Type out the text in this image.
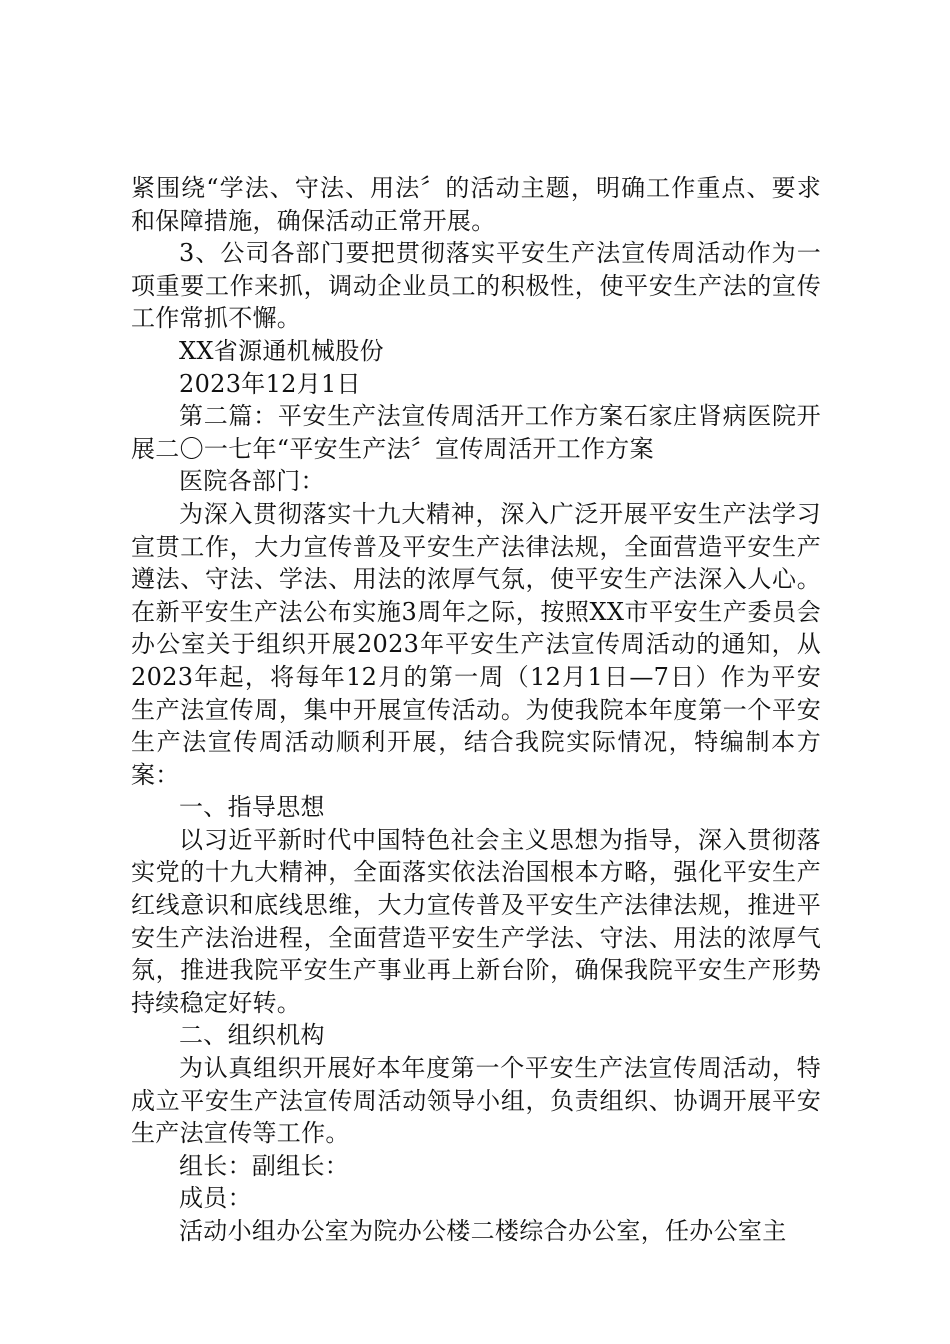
紧围绕“学法、守法、用法〞的活动主题，明确工作重点、要求和保障措施，确保活动正常开展。

3、公司各部门要把贯彻落实平安生产法宣传周活动作为一项重要工作来抓，调动企业员工的积极性，使平安生产法的宣传工作常抓不懈。

XX省源通机械股份

2023年12月1日

第二篇：平安生产法宣传周活开工作方案石家庄肾病医院开展二〇一七年“平安生产法〞宣传周活开工作方案

医院各部门：

为深入贯彻落实十九大精神，深入广泛开展平安生产法学习宣贯工作，大力宣传普及平安生产法律法规，全面营造平安生产遵法、守法、学法、用法的浓厚气氛，使平安生产法深入人心。在新平安生产法公布实施3周年之际，按照XX市平安生产委员会办公室关于组织开展2023年平安生产法宣传周活动的通知，从2023年起，将每年12月的第一周（12月1日—7日）作为平安生产法宣传周，集中开展宣传活动。为使我院本年度第一个平安生产法宣传周活动顺利开展，结合我院实际情况，特编制本方案：

一、指导思想

以习近平新时代中国特色社会主义思想为指导，深入贯彻落实党的十九大精神，全面落实依法治国根本方略，强化平安生产红线意识和底线思维，大力宣传普及平安生产法律法规，推进平安生产法治进程，全面营造平安生产学法、守法、用法的浓厚气氛，推进我院平安生产事业再上新台阶，确保我院平安生产形势持续稳定好转。

二、组织机构

为认真组织开展好本年度第一个平安生产法宣传周活动，特成立平安生产法宣传周活动领导小组，负责组织、协调开展平安生产法宣传等工作。

组长：副组长：

成员：

活动小组办公室为院办公楼二楼综合办公室，任办公室主
